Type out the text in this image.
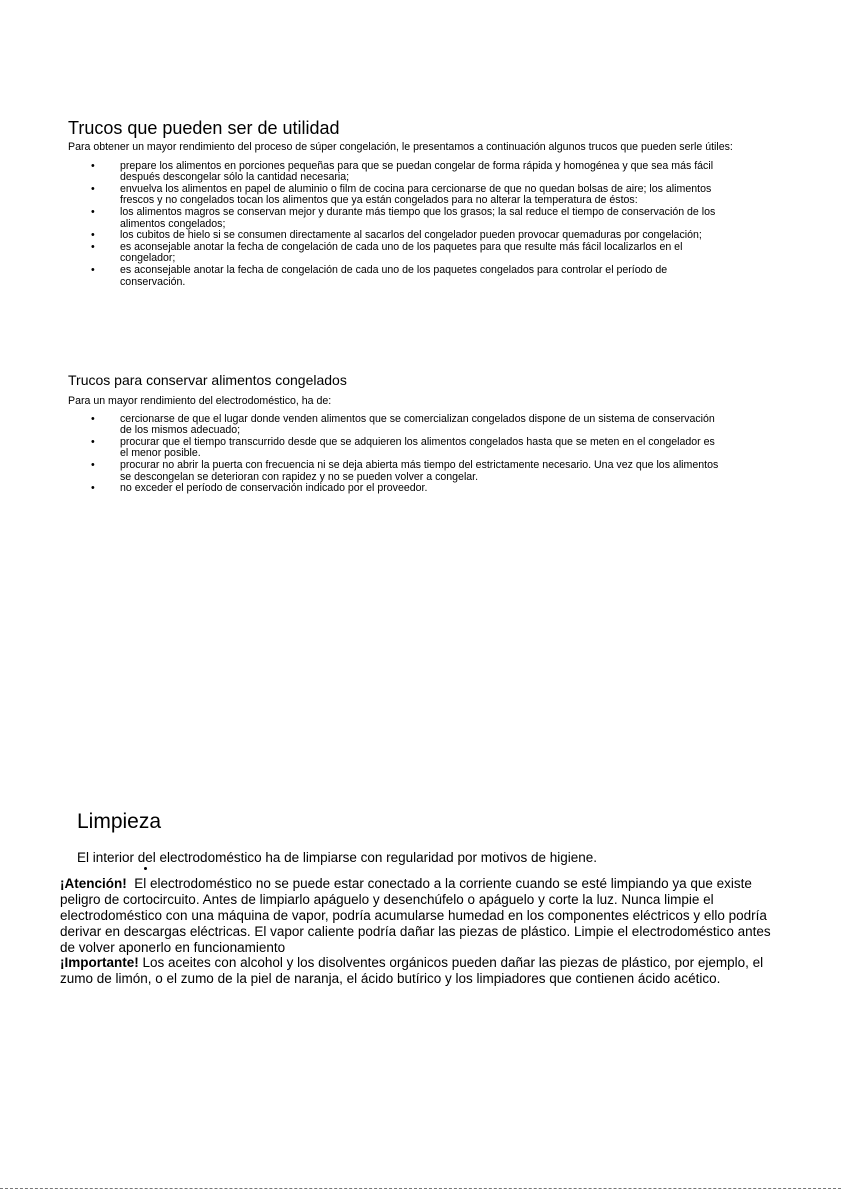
Trucos que pueden ser de utilidad

Para obtener un mayor rendimiento del proceso de súper congelación, le presentamos a continuación algunos trucos que pueden serle útiles:

• prepare los alimentos en porciones pequeñas para que se puedan congelar de forma rápida y homogénea y que sea más fácil después descongelar sólo la cantidad necesaria;
• envuelva los alimentos en papel de aluminio o film de cocina para cercionarse de que no quedan bolsas de aire; los alimentos frescos y no congelados tocan los alimentos que ya están congelados para no alterar la temperatura de éstos:
• los alimentos magros se conservan mejor y durante más tiempo que los grasos; la sal reduce el tiempo de conservación de los alimentos congelados;
• los cubitos de hielo si se consumen directamente al sacarlos del congelador pueden provocar quemaduras por congelación;
• es aconsejable anotar la fecha de congelación de cada uno de los paquetes para que resulte más fácil localizarlos en el congelador;
• es aconsejable anotar la fecha de congelación de cada uno de los paquetes congelados para controlar el período de conservación.
Trucos para conservar alimentos congelados

Para un mayor rendimiento del electrodoméstico, ha de:

• cercionarse de que el lugar donde venden alimentos que se comercializan congelados dispone de un sistema de conservación de los mismos adecuado;
• procurar que el tiempo transcurrido desde que se adquieren los alimentos congelados hasta que se meten en el congelador es el menor posible.
• procurar no abrir la puerta con frecuencia ni se deja abierta más tiempo del estrictamente necesario. Una vez que los alimentos se descongelan se deterioran con rapidez y no se pueden volver a congelar.
• no exceder el período de conservación indicado por el proveedor.
Limpieza

El interior del electrodoméstico ha de limpiarse con regularidad por motivos de higiene.

¡Atención! El electrodoméstico no se puede estar conectado a la corriente cuando se esté limpiando ya que existe peligro de cortocircuito. Antes de limpiarlo apáguelo y desenchúfelo o apáguelo y corte la luz. Nunca limpie el electrodoméstico con una máquina de vapor, podría acumularse humedad en los componentes eléctricos y ello podría derivar en descargas eléctricas. El vapor caliente podría dañar las piezas de plástico. Limpie el electrodoméstico antes de volver aponerlo en funcionamiento

¡Importante! Los aceites con alcohol y los disolventes orgánicos pueden dañar las piezas de plástico, por ejemplo, el zumo de limón, o el zumo de la piel de naranja, el ácido butírico y los limpiadores que contienen ácido acético.
